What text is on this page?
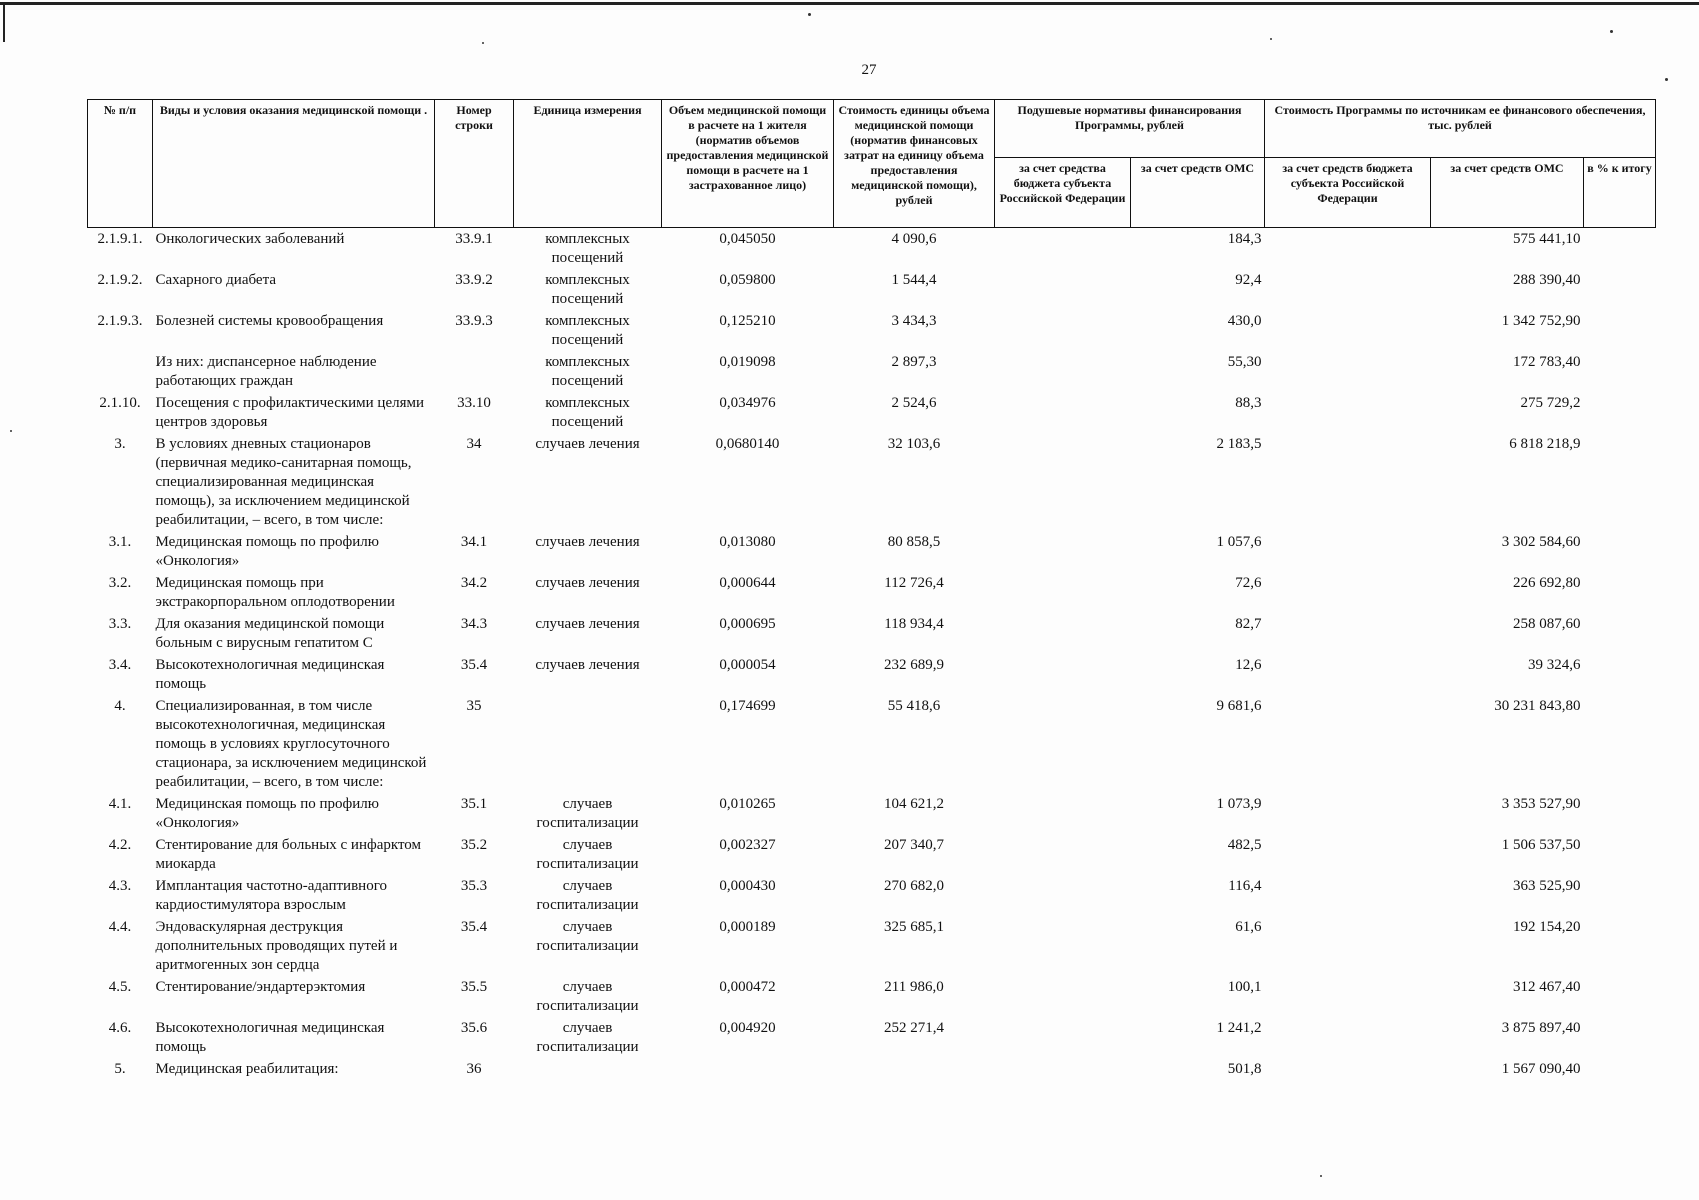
27
№ п/п	Виды и условия оказания медицинской помощи .	Номер строки	Единица измерения	Объем медицинской помощи в расчете на 1 жителя (норматив объемов предоставления медицинской помощи в расчете на 1 застрахованное лицо)	Стоимость единицы объема медицинской помощи (норматив финансовых затрат на единицу объема предоставления медицинской помощи), рублей	Подушевые нормативы финансирования Программы, рублей		Стоимость Программы по источникам ее финансового обеспечения, тыс. рублей		
						за счет средства бюджета субъекта Российской Федерации	за счет средств ОМС	за счет средств бюджета субъекта Российской Федерации	за счет средств ОМС	в % к итогу
2.1.9.1.	Онкологических заболеваний	33.9.1	комплексных посещений	0,045050	4 090,6		184,3		575 441,10	
2.1.9.2.	Сахарного диабета	33.9.2	комплексных посещений	0,059800	1 544,4		92,4		288 390,40	
2.1.9.3.	Болезней системы кровообращения	33.9.3	комплексных посещений	0,125210	3 434,3		430,0		1 342 752,90	
	Из них: диспансерное наблюдение работающих граждан		комплексных посещений	0,019098	2 897,3		55,30		172 783,40	
2.1.10.	Посещения с профилактическими целями центров здоровья	33.10	комплексных посещений	0,034976	2 524,6		88,3		275 729,2	
3.	В условиях дневных стационаров (первичная медико-санитарная помощь, специализированная медицинская помощь), за исключением медицинской реабилитации, – всего, в том числе:	34	случаев лечения	0,0680140	32 103,6		2 183,5		6 818 218,9	
3.1.	Медицинская помощь по профилю «Онкология»	34.1	случаев лечения	0,013080	80 858,5		1 057,6		3 302 584,60	
3.2.	Медицинская помощь при экстракорпоральном оплодотворении	34.2	случаев лечения	0,000644	112 726,4		72,6		226 692,80	
3.3.	Для оказания медицинской помощи больным с вирусным гепатитом С	34.3	случаев лечения	0,000695	118 934,4		82,7		258 087,60	
3.4.	Высокотехнологичная медицинская помощь	35.4	случаев лечения	0,000054	232 689,9		12,6		39 324,6	
4.	Специализированная, в том числе высокотехнологичная, медицинская помощь в условиях круглосуточного стационара, за исключением медицинской реабилитации, – всего, в том числе:	35		0,174699	55 418,6		9 681,6		30 231 843,80	
4.1.	Медицинская помощь по профилю «Онкология»	35.1	случаев госпитализации	0,010265	104 621,2		1 073,9		3 353 527,90	
4.2.	Стентирование для больных с инфарктом миокарда	35.2	случаев госпитализации	0,002327	207 340,7		482,5		1 506 537,50	
4.3.	Имплантация частотно-адаптивного кардиостимулятора взрослым	35.3	случаев госпитализации	0,000430	270 682,0		116,4		363 525,90	
4.4.	Эндоваскулярная деструкция дополнительных проводящих путей и аритмогенных зон сердца	35.4	случаев госпитализации	0,000189	325 685,1		61,6		192 154,20	
4.5.	Стентирование/эндартерэктомия	35.5	случаев госпитализации	0,000472	211 986,0		100,1		312 467,40	
4.6.	Высокотехнологичная медицинская помощь	35.6	случаев госпитализации	0,004920	252 271,4		1 241,2		3 875 897,40	
5.	Медицинская реабилитация:	36					501,8		1 567 090,40	
